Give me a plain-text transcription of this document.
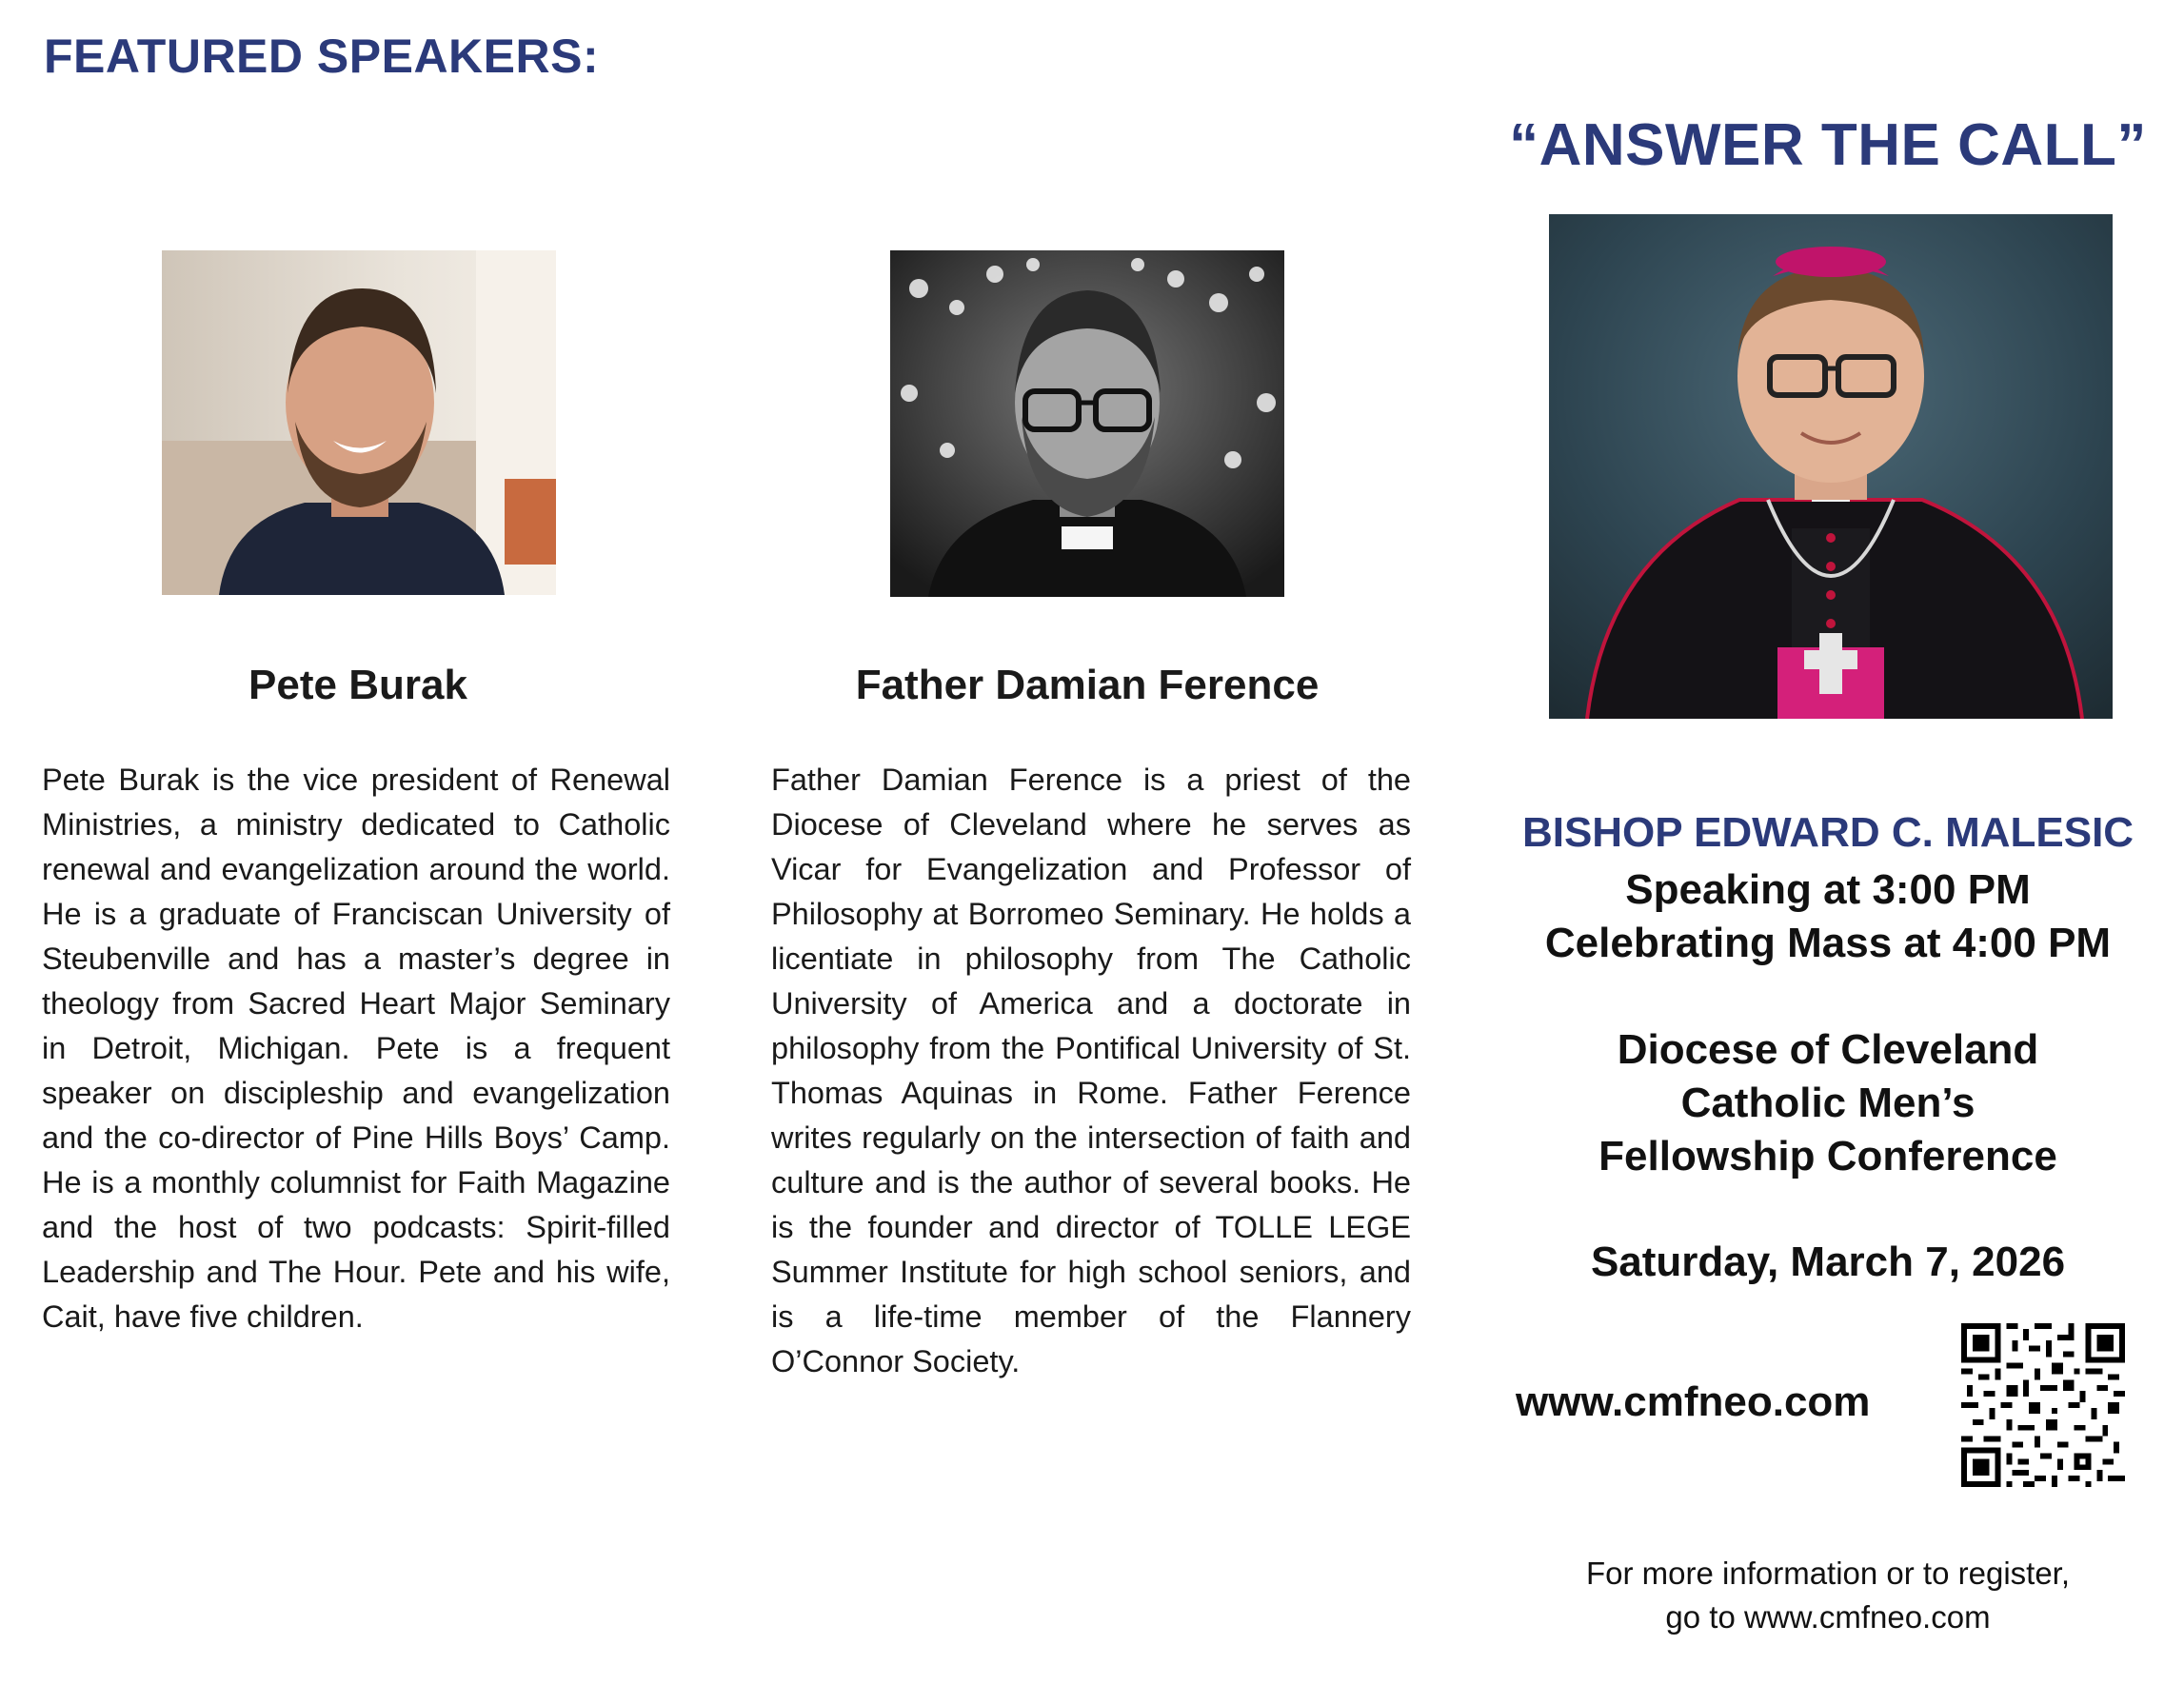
FEATURED SPEAKERS:
“ANSWER THE CALL”
Pete Burak	Father Damian Ference
Pete Burak is the vice president of Renewal Ministries, a ministry dedicated to Catholic renewal and evangelization around the world. He is a graduate of Franciscan University of Steubenville and has a master’s degree in theology from Sacred Heart Major Seminary in Detroit, Michigan. Pete is a frequent speaker on discipleship and evangelization and the co-director of Pine Hills Boys’ Camp. He is a monthly columnist for Faith Magazine and the host of two podcasts: Spirit-filled Leadership and The Hour. Pete and his wife, Cait, have five children.
Father Damian Ference is a priest of the Diocese of Cleveland where he serves as Vicar for Evangelization and Professor of Philosophy at Borromeo Seminary. He holds a licentiate in philosophy from The Catholic University of America and a doctorate in philosophy from the Pontifical University of St. Thomas Aquinas in Rome. Father Ference writes regularly on the intersection of faith and culture and is the author of several books. He is the founder and director of TOLLE LEGE Summer Institute for high school seniors, and is a life-time member of the Flannery O’Connor Society.
BISHOP EDWARD C. MALESIC
Speaking at 3:00 PM
Celebrating Mass at 4:00 PM
Diocese of Cleveland
Catholic Men’s
Fellowship Conference
Saturday, March 7, 2026
www.cmfneo.com
For more information or to register,
go to www.cmfneo.com
